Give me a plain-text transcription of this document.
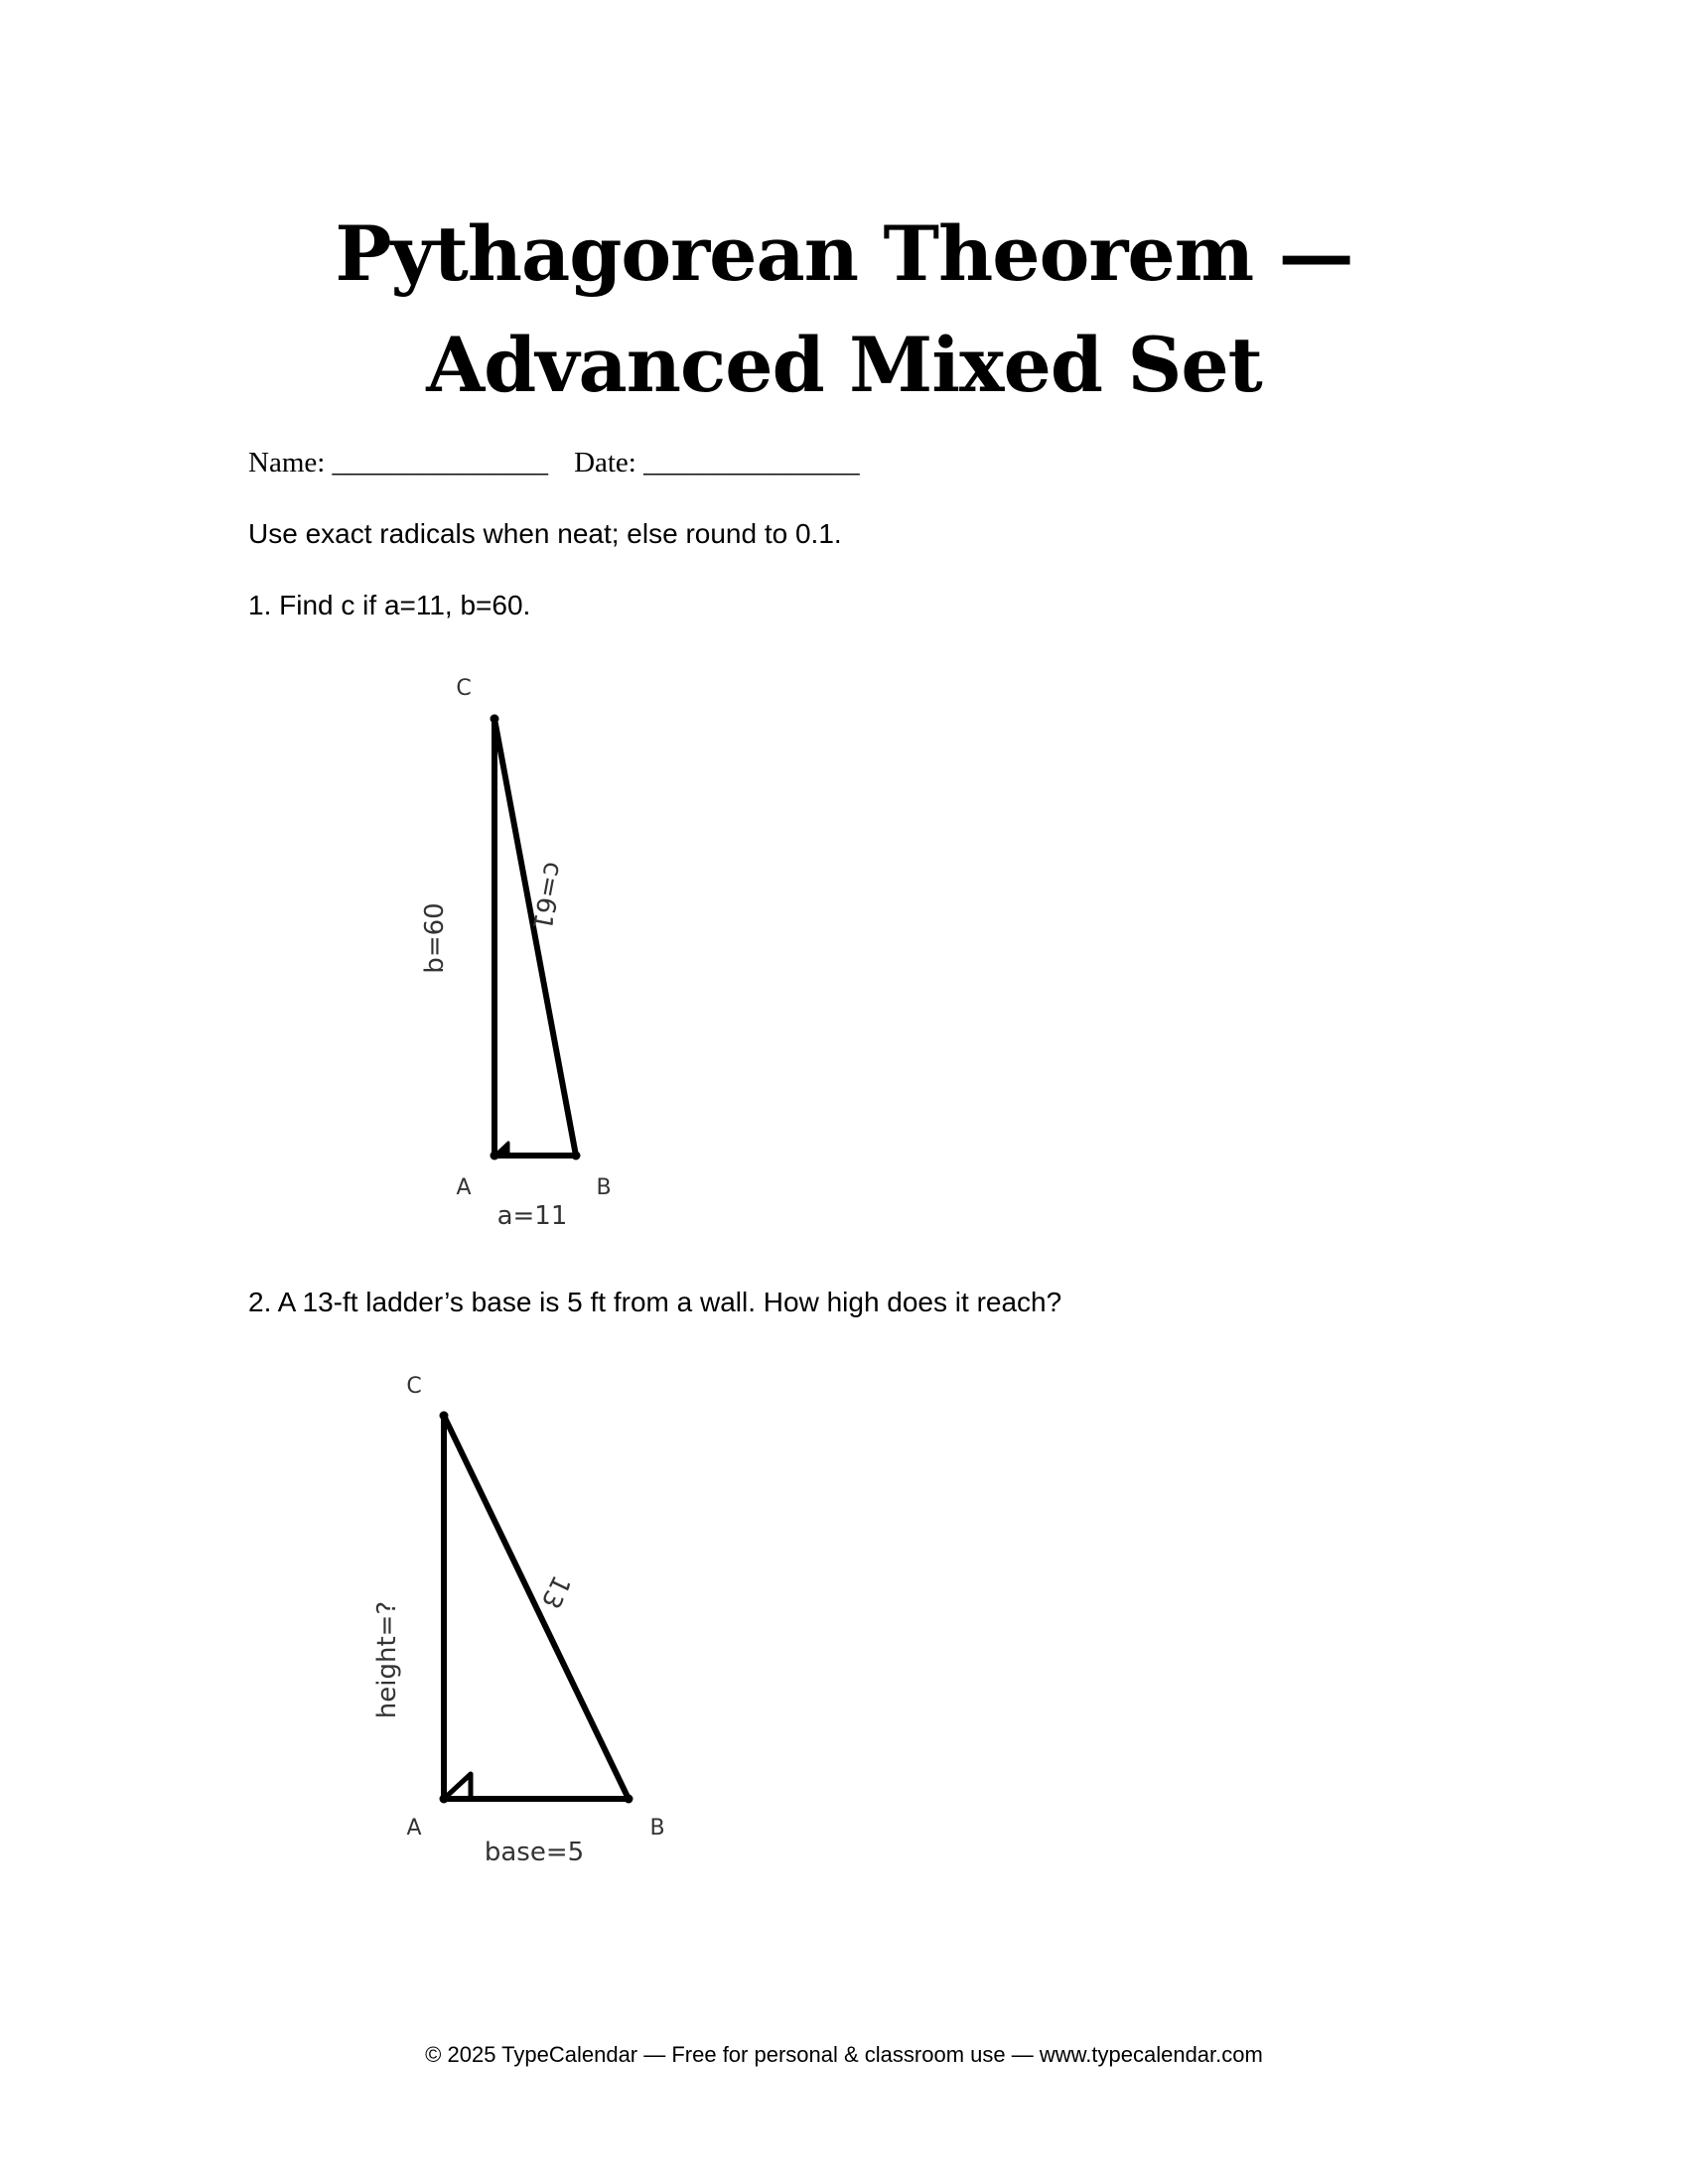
Pythagorean Theorem —
Advanced Mixed Set
Name: _______________ Date: _______________
Use exact radicals when neat; else round to 0.1.
1. Find c if a=11, b=60.
C
A	B
a=11
b=60
c=61
2. A 13-ft ladder’s base is 5 ft from a wall. How high does it reach?
C
A	B
base=5
height=?
13
© 2025 TypeCalendar — Free for personal & classroom use — www.typecalendar.com
